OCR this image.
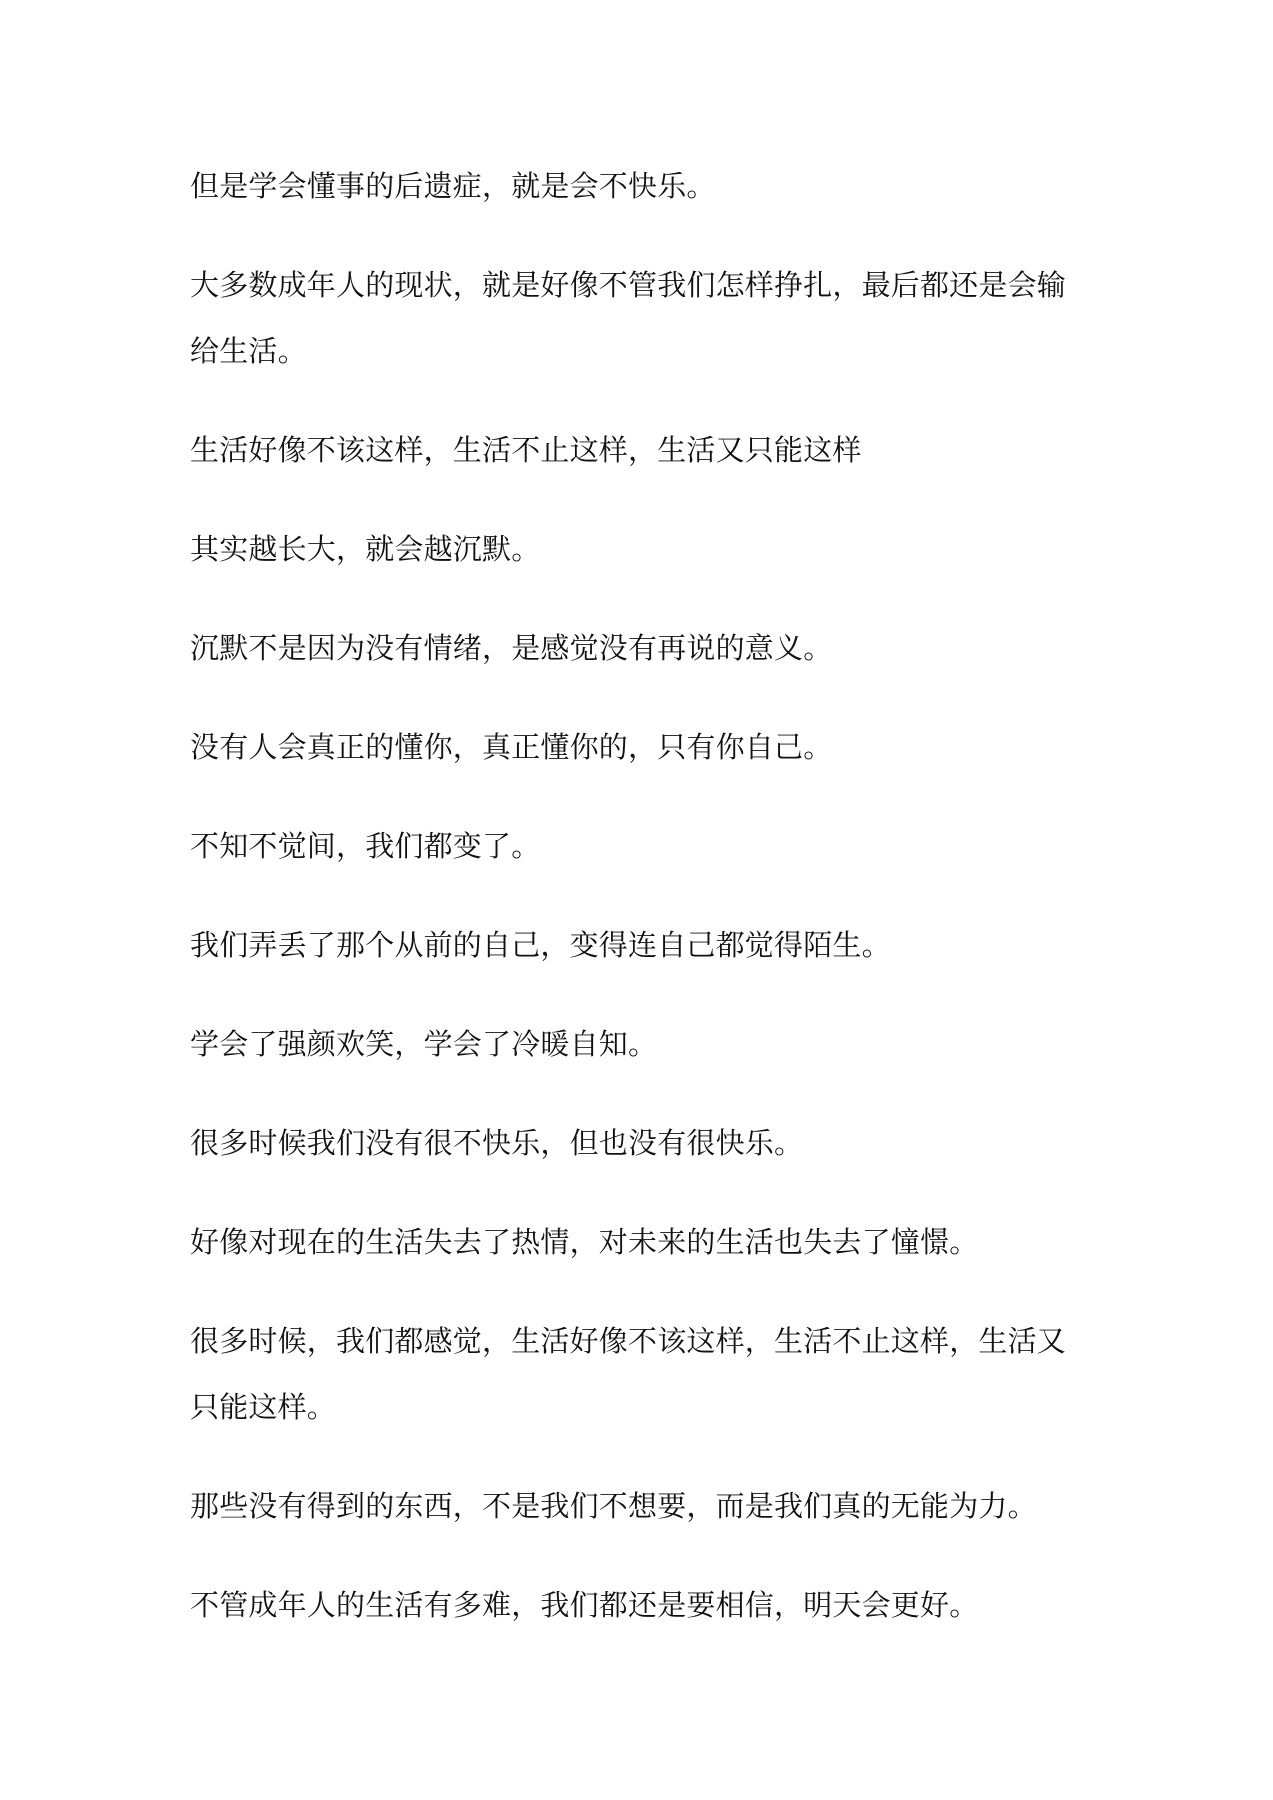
但是学会懂事的后遗症，就是会不快乐。

大多数成年人的现状，就是好像不管我们怎样挣扎，最后都还是会输
给生活。

生活好像不该这样，生活不止这样，生活又只能这样

其实越长大，就会越沉默。

沉默不是因为没有情绪，是感觉没有再说的意义。

没有人会真正的懂你，真正懂你的，只有你自己。

不知不觉间，我们都变了。

我们弄丢了那个从前的自己，变得连自己都觉得陌生。

学会了强颜欢笑，学会了冷暖自知。

很多时候我们没有很不快乐，但也没有很快乐。

好像对现在的生活失去了热情，对未来的生活也失去了憧憬。

很多时候，我们都感觉，生活好像不该这样，生活不止这样，生活又
只能这样。

那些没有得到的东西，不是我们不想要，而是我们真的无能为力。

不管成年人的生活有多难，我们都还是要相信，明天会更好。
